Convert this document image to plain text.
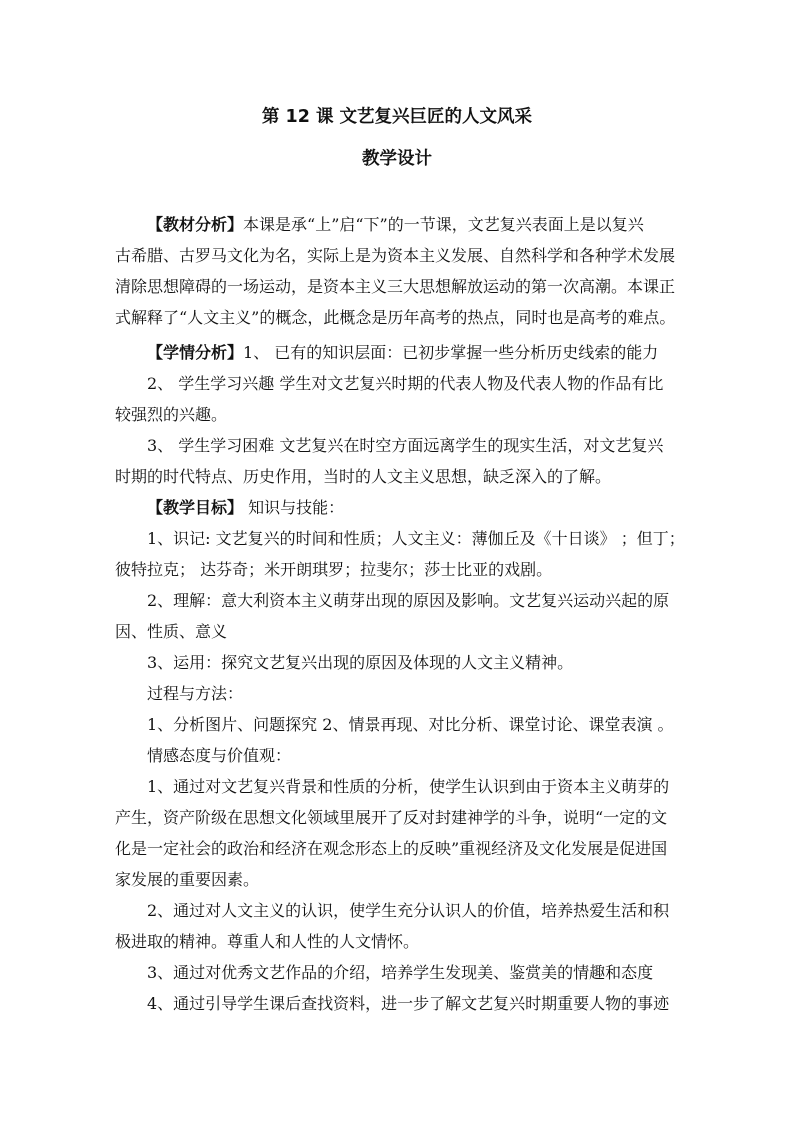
第 12 课 文艺复兴巨匠的人文风采
教学设计
【教材分析】本课是承“上”启“下”的一节课，文艺复兴表面上是以复兴
古希腊、古罗马文化为名，实际上是为资本主义发展、自然科学和各种学术发展
清除思想障碍的一场运动，是资本主义三大思想解放运动的第一次高潮。本课正
式解释了“人文主义”的概念，此概念是历年高考的热点，同时也是高考的难点。
【学情分析】1、 已有的知识层面：已初步掌握一些分析历史线索的能力
2、 学生学习兴趣 学生对文艺复兴时期的代表人物及代表人物的作品有比
较强烈的兴趣。
3、 学生学习困难 文艺复兴在时空方面远离学生的现实生活，对文艺复兴
时期的时代特点、历史作用，当时的人文主义思想，缺乏深入的了解。
【教学目标】 知识与技能：
1、识记: 文艺复兴的时间和性质；人文主义：薄伽丘及《十日谈》 ；但丁；
彼特拉克； 达芬奇；米开朗琪罗；拉斐尔；莎士比亚的戏剧。
2、理解：意大利资本主义萌芽出现的原因及影响。文艺复兴运动兴起的原
因、性质、意义
3、运用：探究文艺复兴出现的原因及体现的人文主义精神。
过程与方法：
1、分析图片、问题探究 2、情景再现、对比分析、课堂讨论、课堂表演 。
情感态度与价值观：
1、通过对文艺复兴背景和性质的分析，使学生认识到由于资本主义萌芽的
产生，资产阶级在思想文化领域里展开了反对封建神学的斗争，说明“一定的文
化是一定社会的政治和经济在观念形态上的反映”重视经济及文化发展是促进国
家发展的重要因素。
2、通过对人文主义的认识，使学生充分认识人的价值，培养热爱生活和积
极进取的精神。尊重人和人性的人文情怀。
3、通过对优秀文艺作品的介绍，培养学生发现美、鉴赏美的情趣和态度
4、通过引导学生课后查找资料，进一步了解文艺复兴时期重要人物的事迹
